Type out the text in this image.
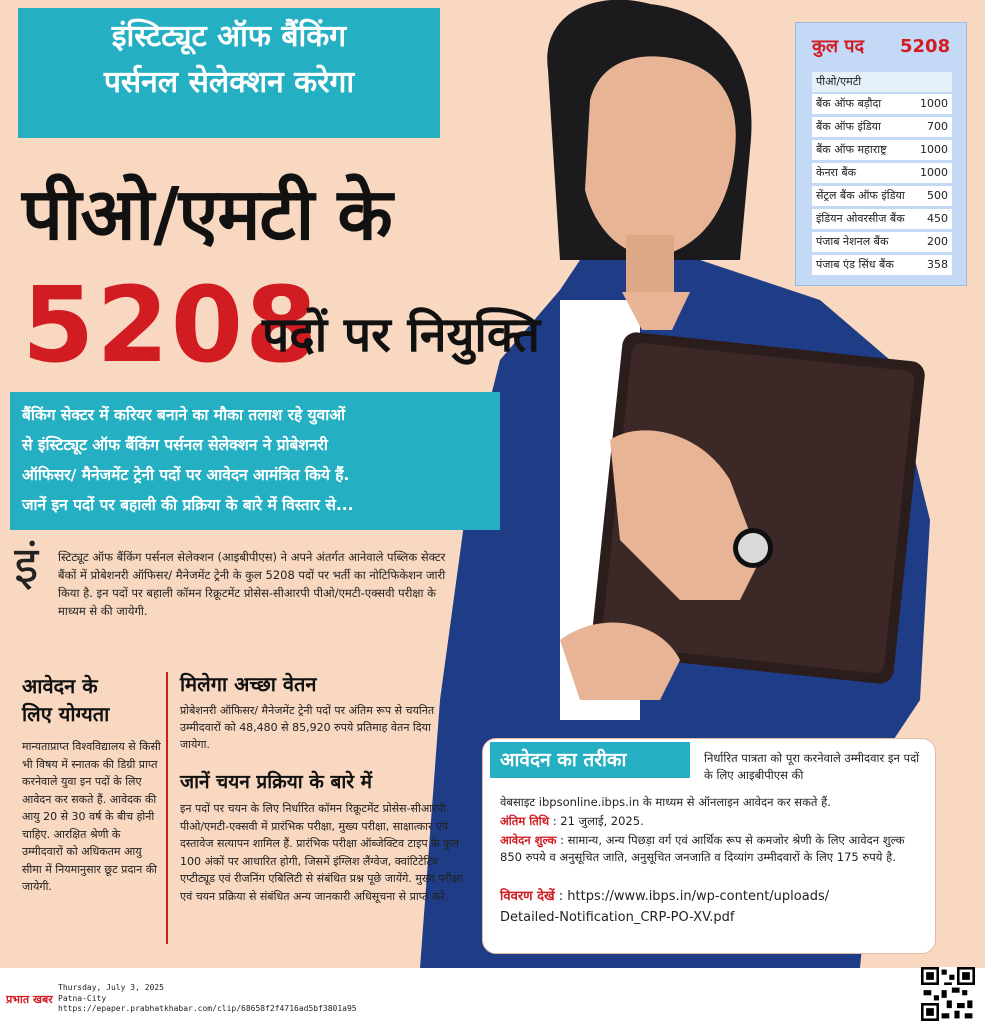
इंस्टिट्यूट ऑफ बैंकिंग
पर्सनल सेलेक्शन करेगा
पीओ/एमटी के
5208
पदों पर नियुक्ति
बैंकिंग सेक्टर में करियर बनाने का मौका तलाश रहे युवाओं
से इंस्टिट्यूट ऑफ बैंकिंग पर्सनल सेलेक्शन ने प्रोबेशनरी
ऑफिसर/ मैनेजमेंट ट्रेनी पदों पर आवेदन आमंत्रित किये हैं.
जानें इन पदों पर बहाली की प्रक्रिया के बारे में विस्तार से...
इं स्टिट्यूट ऑफ बैंकिंग पर्सनल सेलेक्शन (आइबीपीएस) ने अपने अंतर्गत आनेवाले पब्लिक सेक्टर बैंकों में प्रोबेशनरी ऑफिसर/ मैनेजमेंट ट्रेनी के कुल 5208 पदों पर भर्ती का नोटिफिकेशन जारी किया है. इन पदों पर बहाली कॉमन रिक्रूटमेंट प्रोसेस-सीआरपी पीओ/एमटी-एक्सवी परीक्षा के माध्यम से की जायेगी.
आवेदन के
लिए योग्यता
मान्यताप्राप्त विश्वविद्यालय से किसी भी विषय में स्नातक की डिग्री प्राप्त करनेवाले युवा इन पदों के लिए आवेदन कर सकते हैं. आवेदक की आयु 20 से 30 वर्ष के बीच होनी चाहिए. आरक्षित श्रेणी के उम्मीदवारों को अधिकतम आयु सीमा में नियमानुसार छूट प्रदान की जायेगी.
मिलेगा अच्छा वेतन
प्रोबेशनरी ऑफिसर/ मैनेजमेंट ट्रेनी पदों पर अंतिम रूप से चयनित उम्मीदवारों को 48,480 से 85,920 रुपये प्रतिमाह वेतन दिया जायेगा.
जानें चयन प्रक्रिया के बारे में
इन पदों पर चयन के लिए निर्धारित कॉमन रिक्रूटमेंट प्रोसेस-सीआरपी पीओ/एमटी-एक्सवी में प्रारंभिक परीक्षा, मुख्य परीक्षा, साक्षात्कार एवं दस्तावेज सत्यापन शामिल हैं. प्रारंभिक परीक्षा ऑब्जेक्टिव टाइप के कुल 100 अंकों पर आधारित होगी, जिसमें इंग्लिश लैंग्वेज, क्वांटिटेटिव एप्टीट्यूड एवं रीजनिंग एबिलिटी से संबंधित प्रश्न पूछे जायेंगे. मुख्य परीक्षा एवं चयन प्रक्रिया से संबंधित अन्य जानकारी अधिसूचना से प्राप्त करें.
आवेदन का तरीका	निर्धारित पात्रता को पूरा करनेवाले उम्मीदवार इन पदों के लिए आइबीपीएस की
वेबसाइट ibpsonline.ibps.in के माध्यम से ऑनलाइन आवेदन कर सकते हैं.
अंतिम तिथि : 21 जुलाई, 2025.
आवेदन शुल्क : सामान्य, अन्य पिछड़ा वर्ग एवं आर्थिक रूप से कमजोर श्रेणी के लिए आवेदन शुल्क 850 रुपये व अनुसूचित जाति, अनुसूचित जनजाति व दिव्यांग उम्मीदवारों के लिए 175 रुपये है.
विवरण देखें : https://www.ibps.in/wp-content/uploads/
Detailed-Notification_CRP-PO-XV.pdf
कुल पद 5208
पीओ/एमटी
बैंक ऑफ बड़ौदा	1000
बैंक ऑफ इंडिया	700
बैंक ऑफ महाराष्ट्र	1000
केनरा बैंक	1000
सेंट्रल बैंक ऑफ इंडिया 500
इंडियन ओवरसीज बैंक 450
पंजाब नेशनल बैंक	200
पंजाब एंड सिंध बैंक	358
प्रभात खबर
Thursday, July 3, 2025
Patna-City
https://epaper.prabhatkhabar.com/clip/68658f2f4716ad5bf3801a95
